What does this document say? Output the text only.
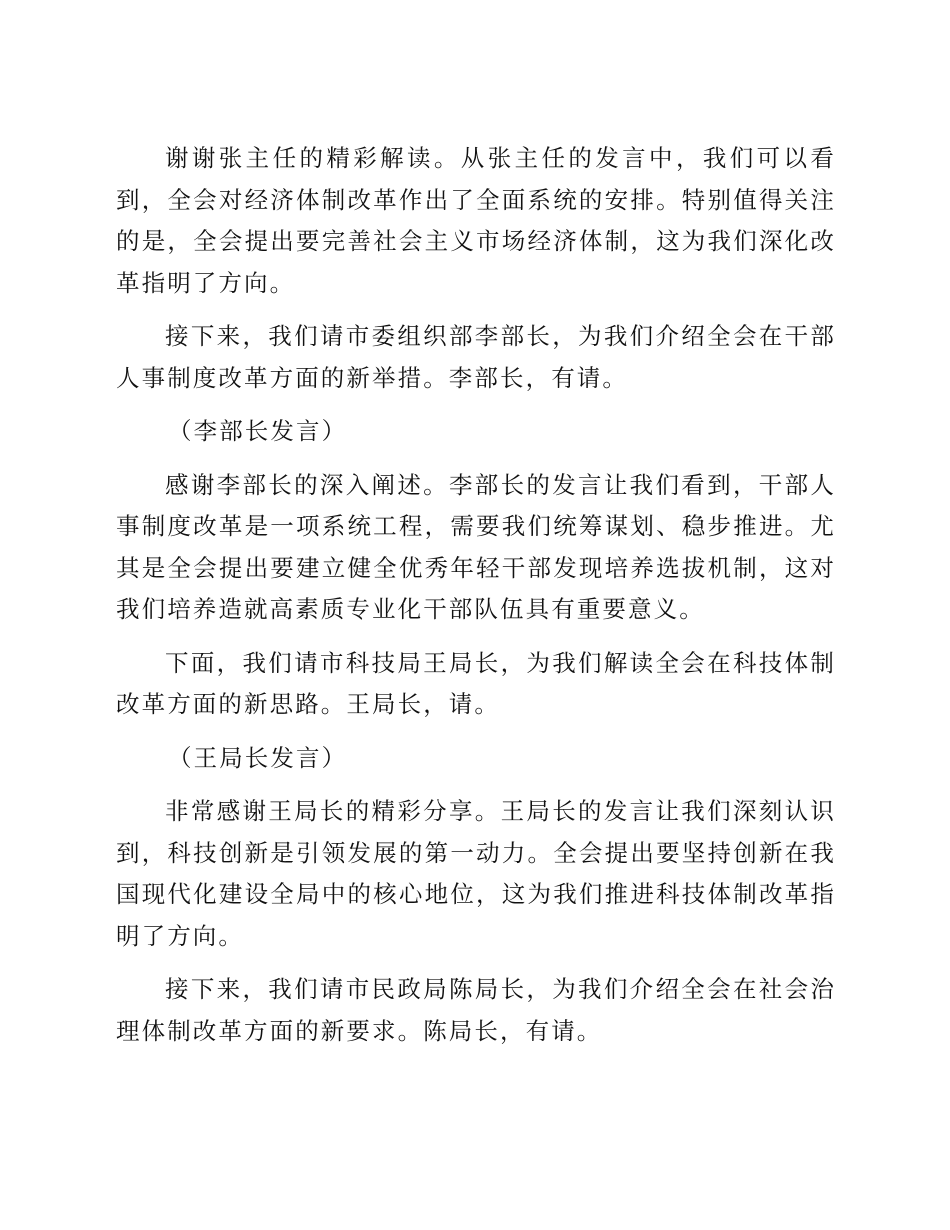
谢谢张主任的精彩解读。从张主任的发言中，我们可以看到，全会对经济体制改革作出了全面系统的安排。特别值得关注的是，全会提出要完善社会主义市场经济体制，这为我们深化改革指明了方向。

接下来，我们请市委组织部李部长，为我们介绍全会在干部人事制度改革方面的新举措。李部长，有请。

（李部长发言）

感谢李部长的深入阐述。李部长的发言让我们看到，干部人事制度改革是一项系统工程，需要我们统筹谋划、稳步推进。尤其是全会提出要建立健全优秀年轻干部发现培养选拔机制，这对我们培养造就高素质专业化干部队伍具有重要意义。

下面，我们请市科技局王局长，为我们解读全会在科技体制改革方面的新思路。王局长，请。

（王局长发言）

非常感谢王局长的精彩分享。王局长的发言让我们深刻认识到，科技创新是引领发展的第一动力。全会提出要坚持创新在我国现代化建设全局中的核心地位，这为我们推进科技体制改革指明了方向。

接下来，我们请市民政局陈局长，为我们介绍全会在社会治理体制改革方面的新要求。陈局长，有请。
